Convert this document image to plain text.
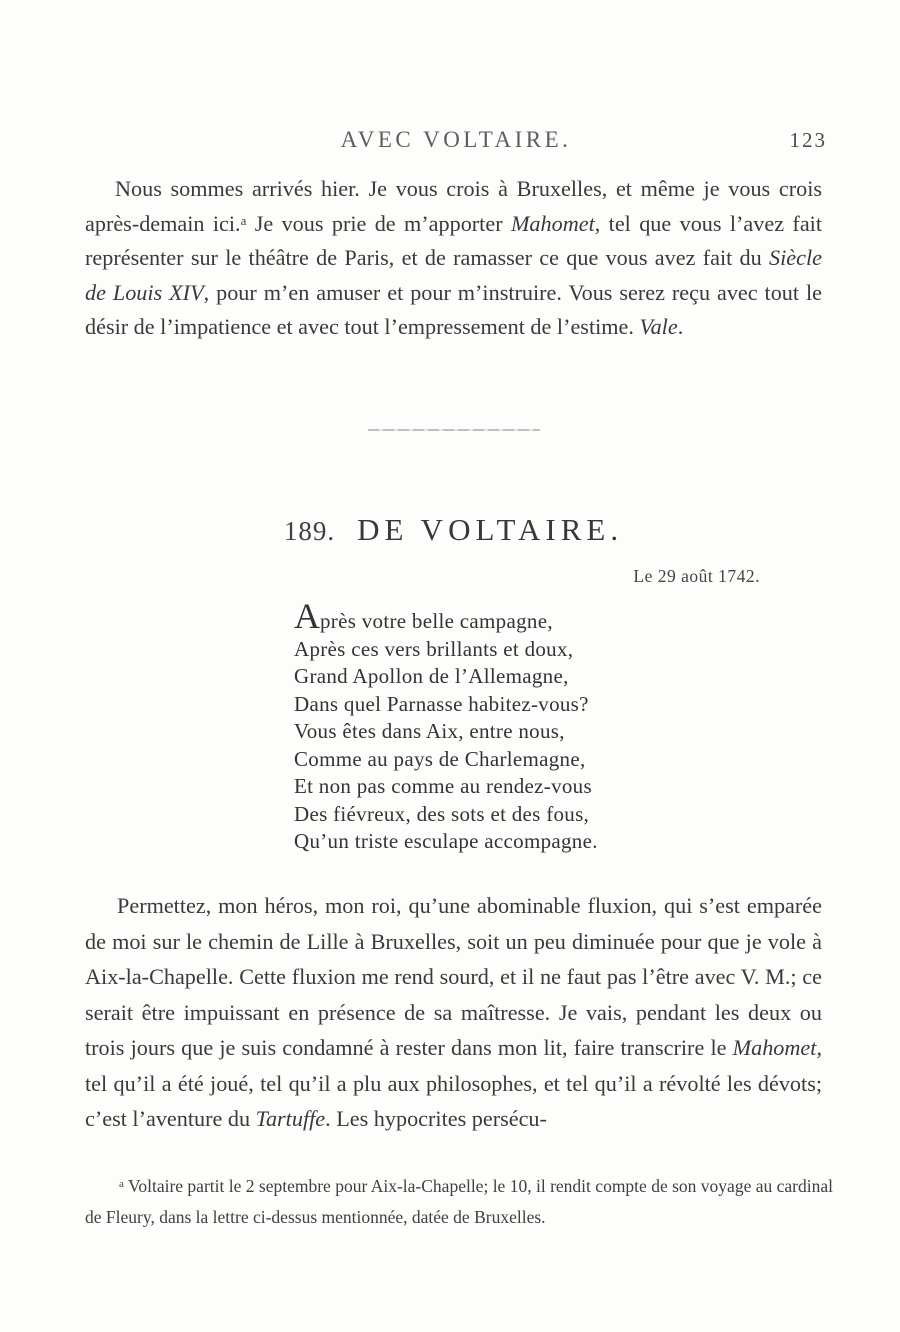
AVEC VOLTAIRE.	123

Nous sommes arrivés hier. Je vous crois à Bruxelles, et même je vous crois après-demain ici.$^a$ Je vous prie de m’apporter Mahomet, tel que vous l’avez fait représenter sur le théâtre de Paris, et de ramasser ce que vous avez fait du Siècle de Louis XIV, pour m’en amuser et pour m’instruire. Vous serez reçu avec tout le désir de l’impatience et avec tout l’empressement de l’estime. Vale.

189. DE VOLTAIRE.
Le 29 août 1742.
Après votre belle campagne,
Après ces vers brillants et doux,
Grand Apollon de l’Allemagne,
Dans quel Parnasse habitez-vous?
Vous êtes dans Aix, entre nous,
Comme au pays de Charlemagne,
Et non pas comme au rendez-vous
Des fiévreux, des sots et des fous,
Qu’un triste esculape accompagne.

Permettez, mon héros, mon roi, qu’une abominable fluxion, qui s’est emparée de moi sur le chemin de Lille à Bruxelles, soit un peu diminuée pour que je vole à Aix-la-Chapelle. Cette fluxion me rend sourd, et il ne faut pas l’être avec V. M.; ce serait être impuissant en présence de sa maîtresse. Je vais, pendant les deux ou trois jours que je suis condamné à rester dans mon lit, faire transcrire le Mahomet, tel qu’il a été joué, tel qu’il a plu aux philosophes, et tel qu’il a révolté les dévots; c’est l’aventure du Tartuffe. Les hypocrites persécu-

$^a$ Voltaire partit le 2 septembre pour Aix-la-Chapelle; le 10, il rendit compte de son voyage au cardinal de Fleury, dans la lettre ci-dessus mentionnée, datée de Bruxelles.
